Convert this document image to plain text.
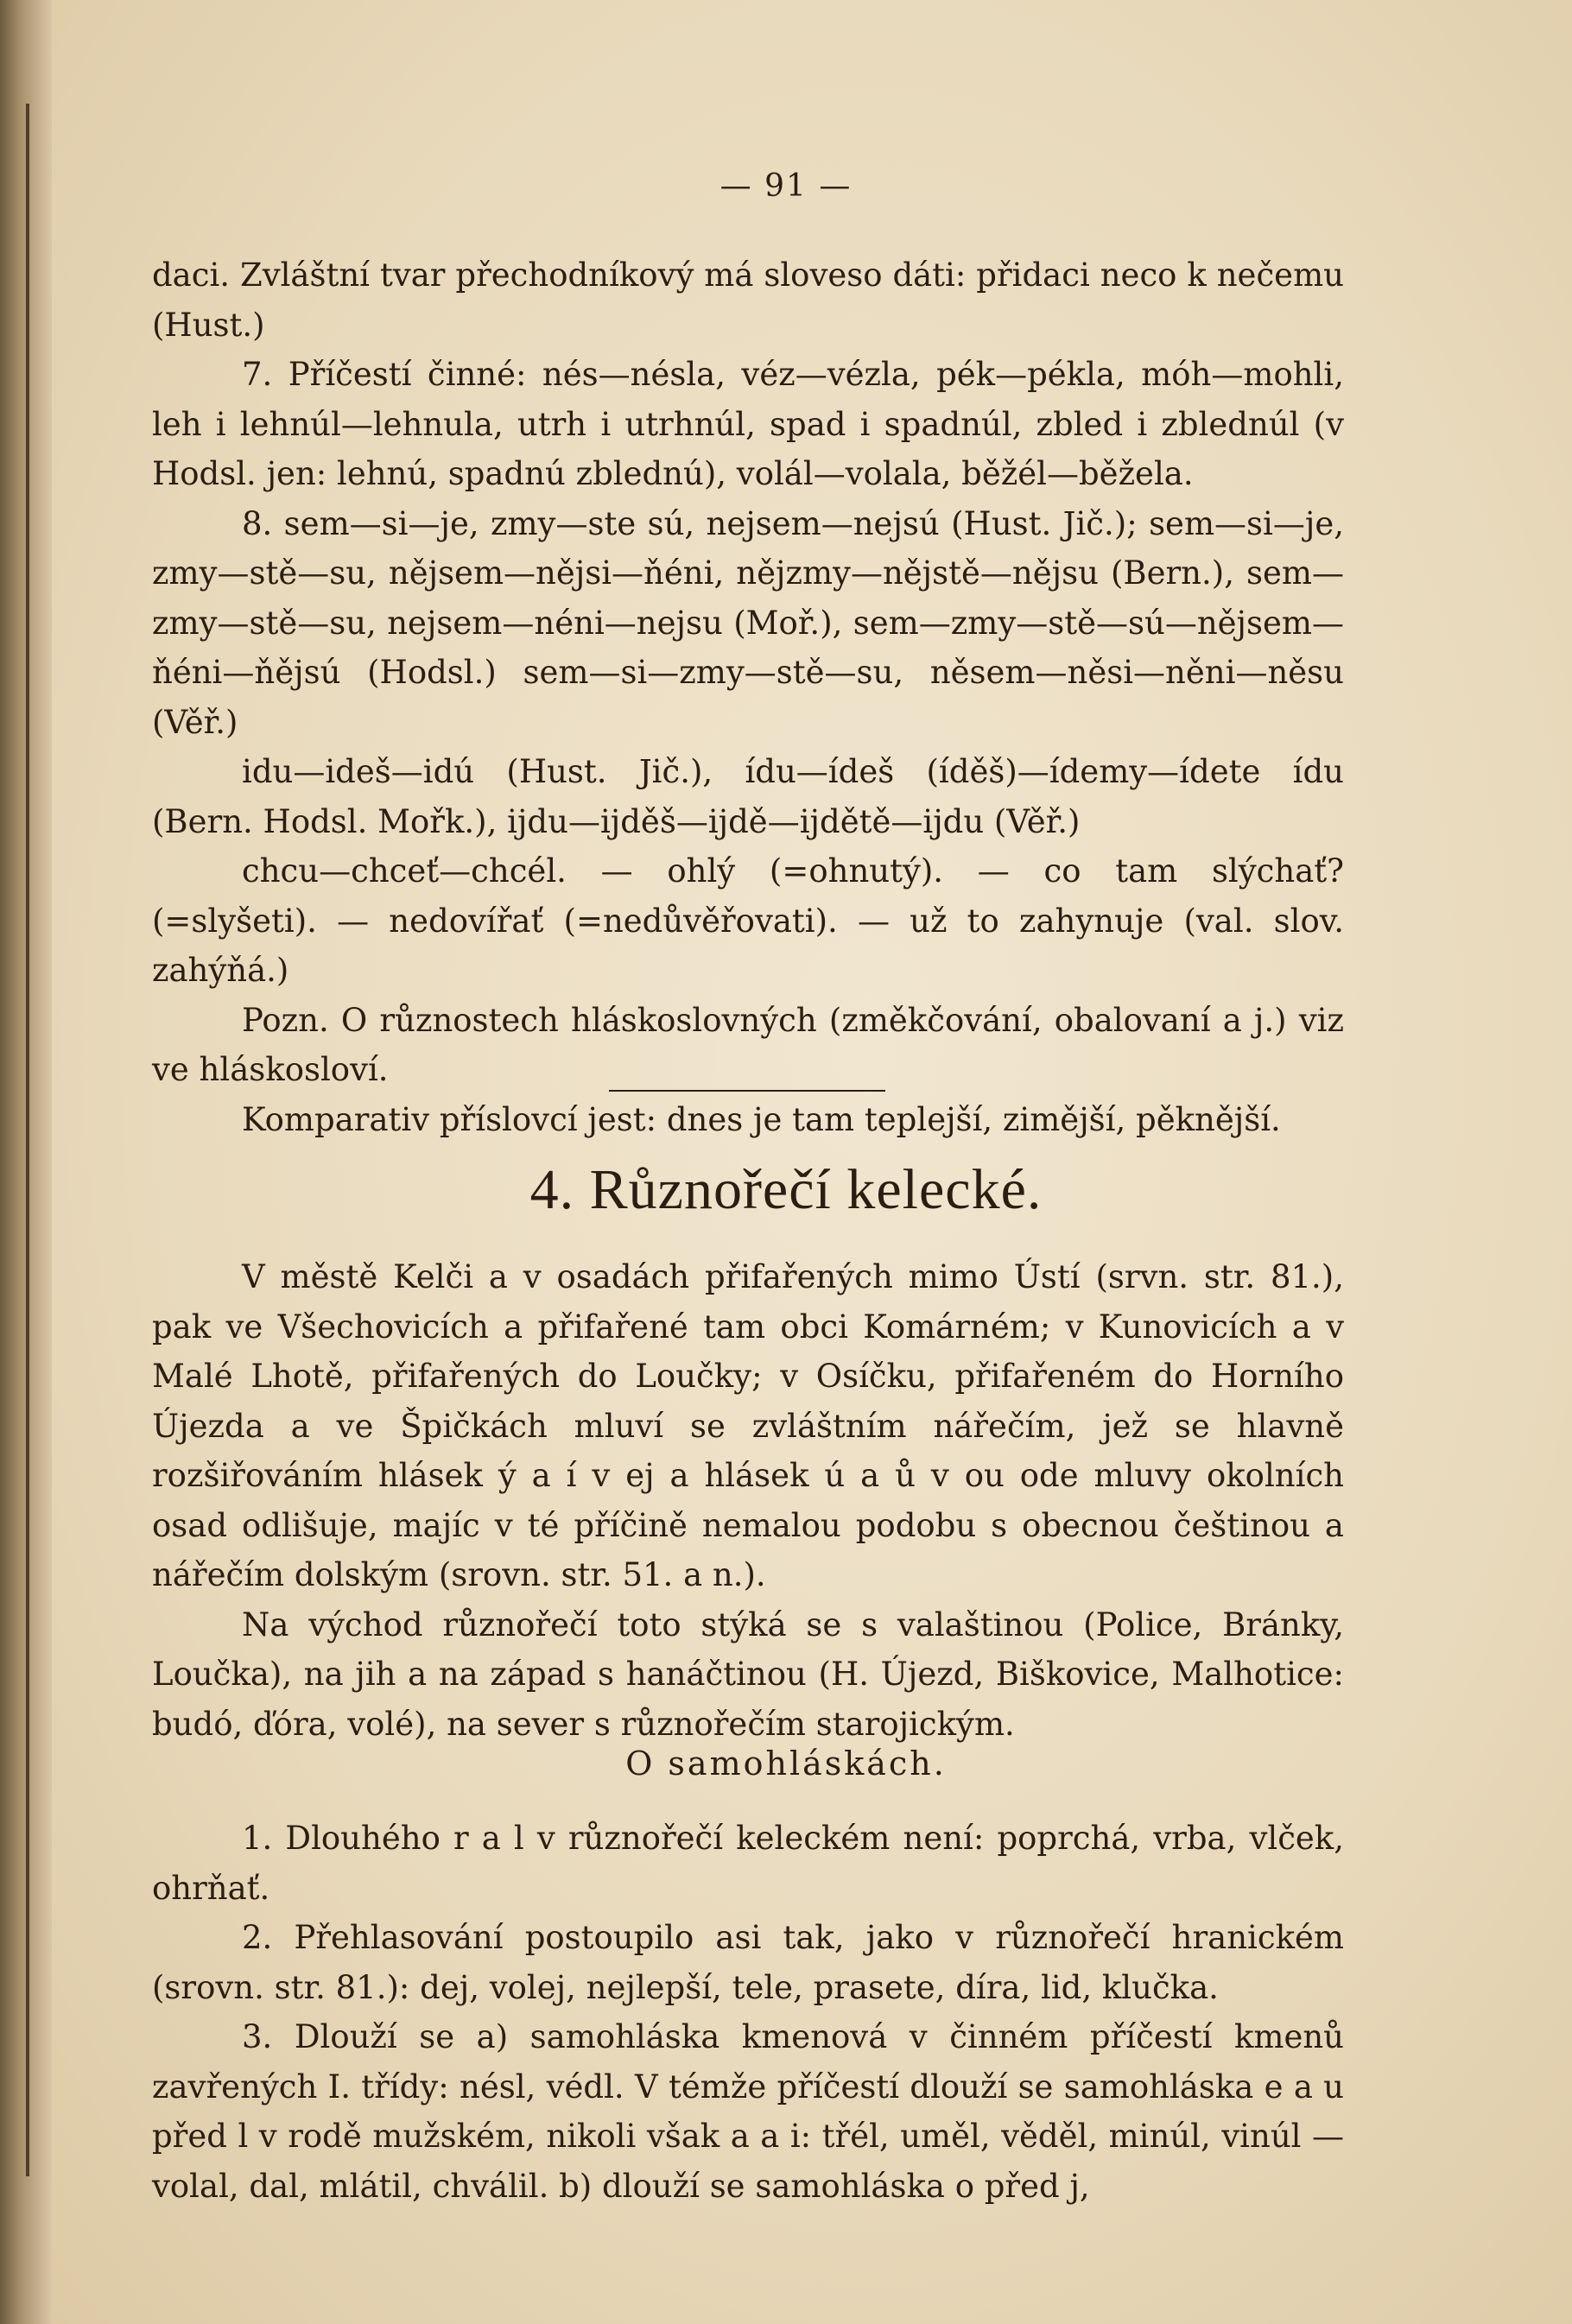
— 91 —

daci. Zvláštní tvar přechodníkový má sloveso dáti: přidaci neco k nečemu (Hust.)

7. Příčestí činné: nés—nésla, véz—vézla, pék—pékla, móh—mohli, leh i lehnúl—lehnula, utrh i utrhnúl, spad i spadnúl, zbled i zblednúl (v Hodsl. jen: lehnú, spadnú zblednú), volál—volala, běžél—běžela.

8. sem—si—je, zmy—ste sú, nejsem—nejsú (Hust. Jič.); sem—si—je, zmy—stě—su, nějsem—nějsi—ňéni, nějzmy—nějstě—nějsu (Bern.), sem—zmy—stě—su, nejsem—néni—nejsu (Moř.), sem—zmy—stě—sú—nějsem—ňéni—ňějsú (Hodsl.) sem—si—zmy—stě—su, něsem—něsi—něni—něsu (Věř.)

idu—ideš—idú (Hust. Jič.), ídu—ídeš (íděš)—ídemy—ídete ídu (Bern. Hodsl. Mořk.), ijdu—ijděš—ijdě—ijdětě—ijdu (Věř.)

chcu—chceť—chcél. — ohlý (=ohnutý). — co tam slýchať? (=slyšeti). — nedovířať (=nedůvěřovati). — už to zahynuje (val. slov. zahýňá.)

Pozn. O různostech hláskoslovných (změkčování, obalovaní a j.) viz ve hláskosloví.

Komparativ příslovcí jest: dnes je tam teplejší, zimější, pěknější.

4. Různořečí kelecké.

V městě Kelči a v osadách přifařených mimo Ústí (srvn. str. 81.), pak ve Všechovicích a přifařené tam obci Komárném; v Kunovicích a v Malé Lhotě, přifařených do Loučky; v Osíčku, přifařeném do Horního Újezda a ve Špičkách mluví se zvláštním nářečím, jež se hlavně rozšiřováním hlásek ý a í v ej a hlásek ú a ů v ou ode mluvy okolních osad odlišuje, majíc v té příčině nemalou podobu s obecnou češtinou a nářečím dolským (srovn. str. 51. a n.).

Na východ různořečí toto stýká se s valaštinou (Police, Bránky, Loučka), na jih a na západ s hanáčtinou (H. Újezd, Biškovice, Malhotice: budó, ďóra, volé), na sever s různořečím starojickým.

O samohláskách.

1. Dlouhého r a l v různořečí keleckém není: poprchá, vrba, vlček, ohrňať.

2. Přehlasování postoupilo asi tak, jako v různořečí hranickém (srovn. str. 81.): dej, volej, nejlepší, tele, prasete, díra, lid, klučka.

3. Dlouží se a) samohláska kmenová v činném příčestí kmenů zavřených I. třídy: nésl, védl. V témže příčestí dlouží se samohláska e a u před l v rodě mužském, nikoli však a a i: třél, uměl, věděl, minúl, vinúl — volal, dal, mlátil, chválil. b) dlouží se samohláska o před j,
